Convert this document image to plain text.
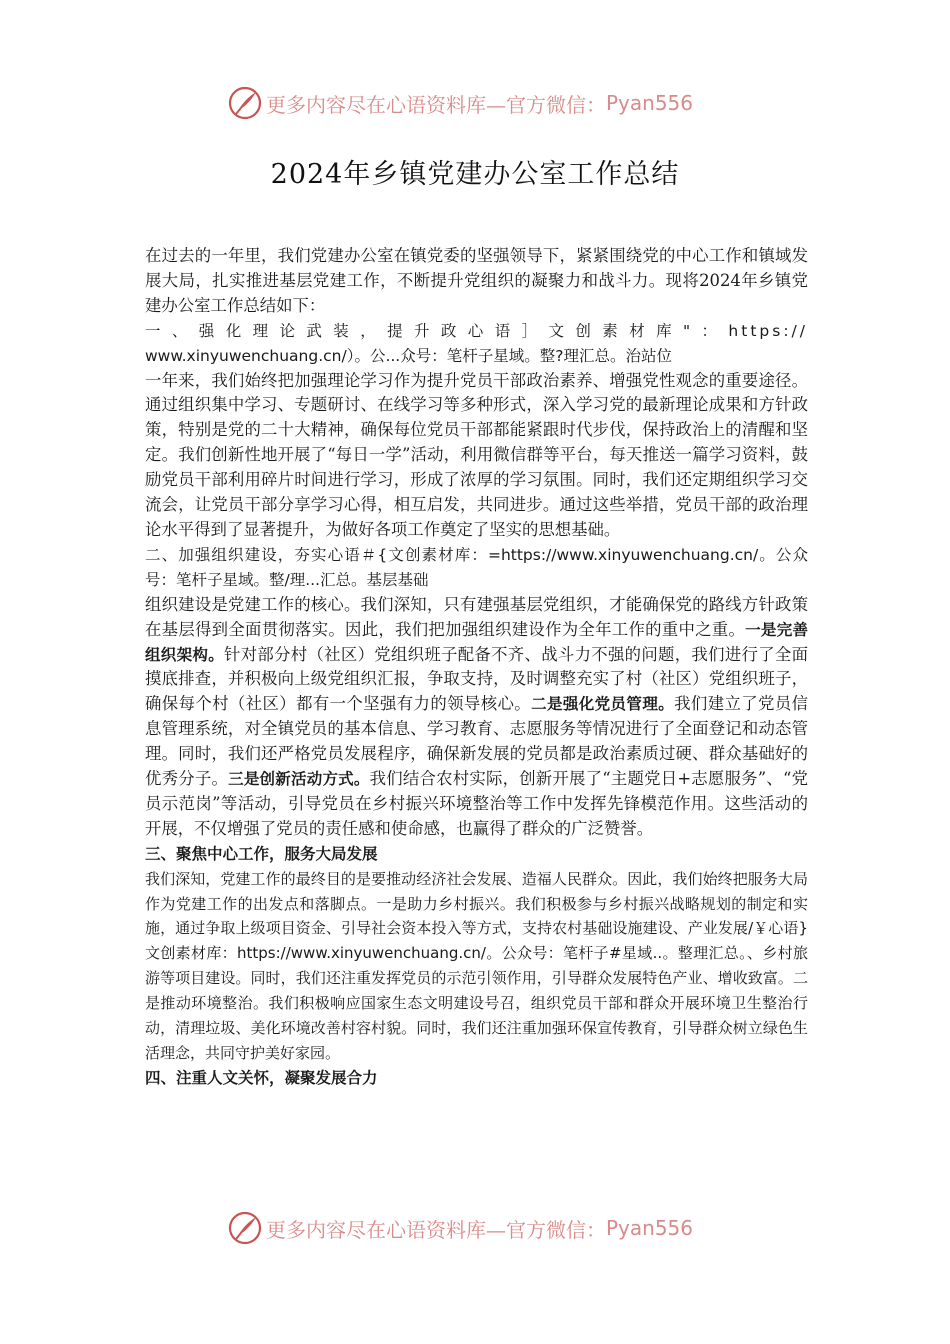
更多内容尽在心语资料库—官方微信： Pyan556
2024年乡镇党建办公室工作总结

在过去的一年里，我们党建办公室在镇党委的坚强领导下，紧紧围绕党的中心工作和镇域发展大局，扎实推进基层党建工作，不断提升党组织的凝聚力和战斗力。现将2024年乡镇党建办公室工作总结如下：

一、强化理论武装，提升政心语］文创素材库"：https://

www.xinyuwenchuang.cn/）。公...众号：笔杆子星域。整?理汇总。治站位

一年来，我们始终把加强理论学习作为提升党员干部政治素养、增强党性观念的重要途径。通过组织集中学习、专题研讨、在线学习等多种形式，深入学习党的最新理论成果和方针政策，特别是党的二十大精神，确保每位党员干部都能紧跟时代步伐，保持政治上的清醒和坚定。我们创新性地开展了“每日一学”活动，利用微信群等平台，每天推送一篇学习资料，鼓励党员干部利用碎片时间进行学习，形成了浓厚的学习氛围。同时，我们还定期组织学习交流会，让党员干部分享学习心得，相互启发，共同进步。通过这些举措，党员干部的政治理论水平得到了显著提升，为做好各项工作奠定了坚实的思想基础。

二、加强组织建设，夯实心语＃{文创素材库：=https://www.xinyuwenchuang.cn/。公众号：笔杆子星域。整/理...汇总。基层基础

组织建设是党建工作的核心。我们深知，只有建强基层党组织，才能确保党的路线方针政策在基层得到全面贯彻落实。因此，我们把加强组织建设作为全年工作的重中之重。一是完善组织架构。针对部分村（社区）党组织班子配备不齐、战斗力不强的问题，我们进行了全面摸底排查，并积极向上级党组织汇报，争取支持，及时调整充实了村（社区）党组织班子，确保每个村（社区）都有一个坚强有力的领导核心。二是强化党员管理。我们建立了党员信息管理系统，对全镇党员的基本信息、学习教育、志愿服务等情况进行了全面登记和动态管理。同时，我们还严格党员发展程序，确保新发展的党员都是政治素质过硬、群众基础好的优秀分子。三是创新活动方式。我们结合农村实际，创新开展了“主题党日+志愿服务”、“党员示范岗”等活动，引导党员在乡村振兴环境整治等工作中发挥先锋模范作用。这些活动的开展，不仅增强了党员的责任感和使命感，也赢得了群众的广泛赞誉。

三、聚焦中心工作，服务大局发展

我们深知，党建工作的最终目的是要推动经济社会发展、造福人民群众。因此，我们始终把服务大局作为党建工作的出发点和落脚点。一是助力乡村振兴。我们积极参与乡村振兴战略规划的制定和实施，通过争取上级项目资金、引导社会资本投入等方式，支持农村基础设施建设、产业发展/￥心语}文创素材库：https://www.xinyuwenchuang.cn/。公众号：笔杆子#星域..。整理汇总。、乡村旅游等项目建设。同时，我们还注重发挥党员的示范引领作用，引导群众发展特色产业、增收致富。二是推动环境整治。我们积极响应国家生态文明建设号召，组织党员干部和群众开展环境卫生整治行动，清理垃圾、美化环境改善村容村貌。同时，我们还注重加强环保宣传教育，引导群众树立绿色生活理念，共同守护美好家园。

四、注重人文关怀，凝聚发展合力

更多内容尽在心语资料库—官方微信： Pyan556
